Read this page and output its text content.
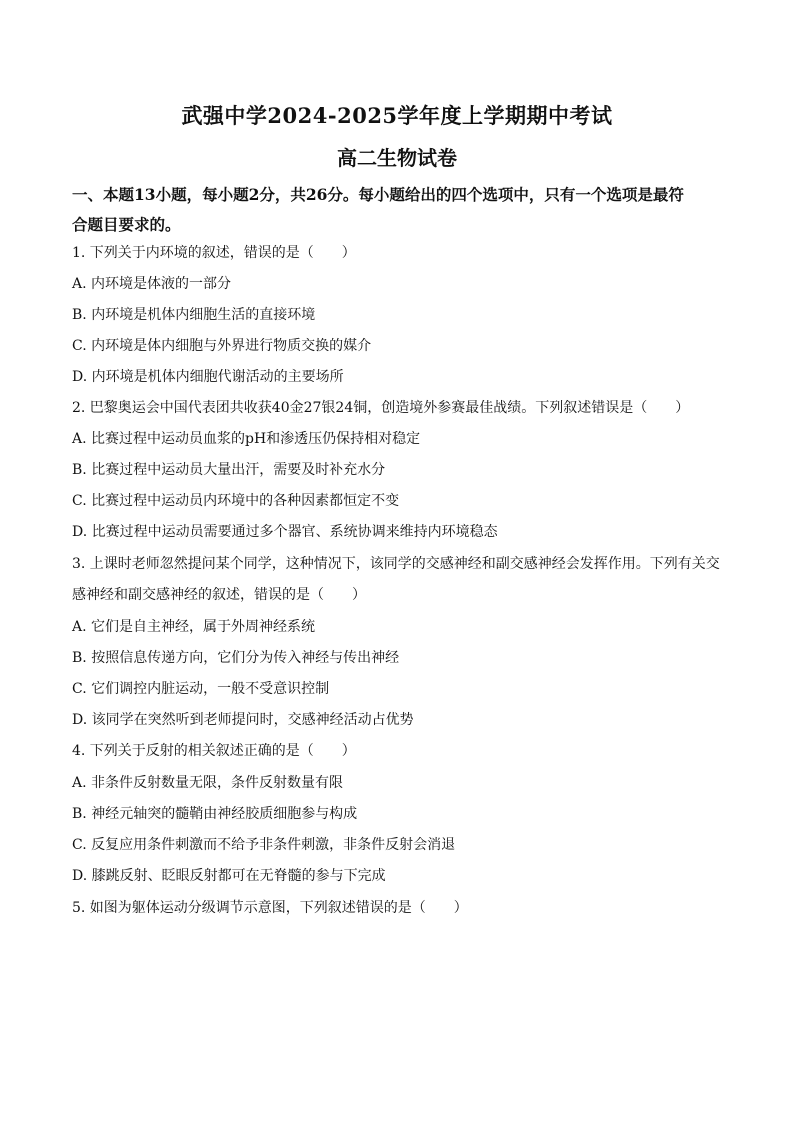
武强中学2024-2025学年度上学期期中考试
高二生物试卷
一、本题13小题，每小题2分，共26分。每小题给出的四个选项中，只有一个选项是最符
合题目要求的。
1. 下列关于内环境的叙述，错误的是（　　）
A. 内环境是体液的一部分
B. 内环境是机体内细胞生活的直接环境
C. 内环境是体内细胞与外界进行物质交换的媒介
D. 内环境是机体内细胞代谢活动的主要场所
2. 巴黎奥运会中国代表团共收获40金27银24铜，创造境外参赛最佳战绩。下列叙述错误是（　　）
A. 比赛过程中运动员血浆的pH和渗透压仍保持相对稳定
B. 比赛过程中运动员大量出汗，需要及时补充水分
C. 比赛过程中运动员内环境中的各种因素都恒定不变
D. 比赛过程中运动员需要通过多个器官、系统协调来维持内环境稳态
3. 上课时老师忽然提问某个同学，这种情况下，该同学的交感神经和副交感神经会发挥作用。下列有关交
感神经和副交感神经的叙述，错误的是（　　）
A. 它们是自主神经，属于外周神经系统
B. 按照信息传递方向，它们分为传入神经与传出神经
C. 它们调控内脏运动，一般不受意识控制
D. 该同学在突然听到老师提问时，交感神经活动占优势
4. 下列关于反射的相关叙述正确的是（　　）
A. 非条件反射数量无限，条件反射数量有限
B. 神经元轴突的髓鞘由神经胶质细胞参与构成
C. 反复应用条件刺激而不给予非条件刺激，非条件反射会消退
D. 膝跳反射、眨眼反射都可在无脊髓的参与下完成
5. 如图为躯体运动分级调节示意图，下列叙述错误的是（　　）
